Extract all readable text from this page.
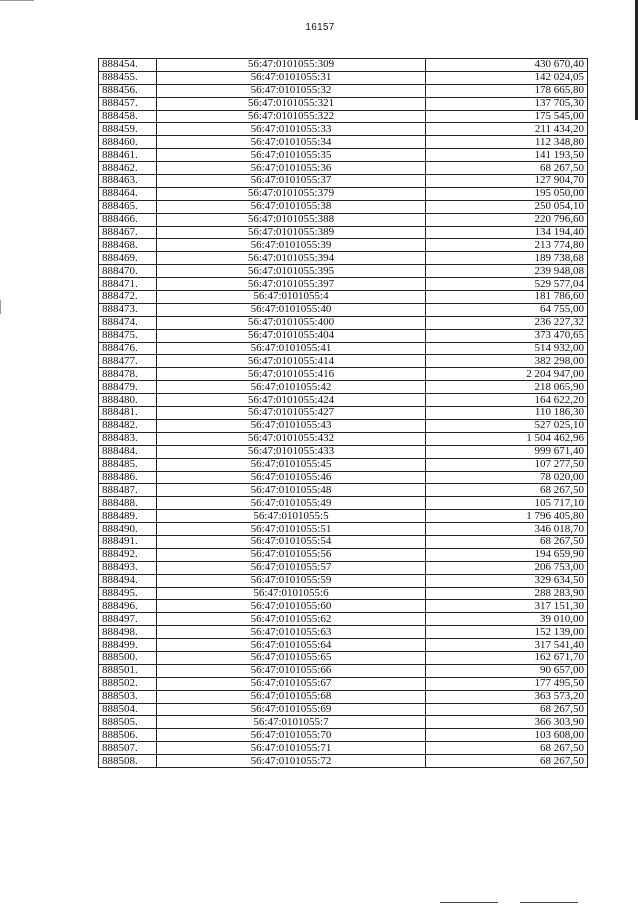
16157
888454.	56:47:0101055:309	430 670,40
888455.	56:47:0101055:31	142 024,05
888456.	56:47:0101055:32	178 665,80
888457.	56:47:0101055:321	137 705,30
888458.	56:47:0101055:322	175 545,00
888459.	56:47:0101055:33	211 434,20
888460.	56:47:0101055:34	112 348,80
888461.	56:47:0101055:35	141 193,50
888462.	56:47:0101055:36	68 267,50
888463.	56:47:0101055:37	127 904,70
888464.	56:47:0101055:379	195 050,00
888465.	56:47:0101055:38	250 054,10
888466.	56:47:0101055:388	220 796,60
888467.	56:47:0101055:389	134 194,40
888468.	56:47:0101055:39	213 774,80
888469.	56:47:0101055:394	189 738,68
888470.	56:47:0101055:395	239 948,08
888471.	56:47:0101055:397	529 577,04
888472.	56:47:0101055:4	181 786,60
888473.	56:47:0101055:40	64 755,00
888474.	56:47:0101055:400	236 227,32
888475.	56:47:0101055:404	373 470,65
888476.	56:47:0101055:41	514 932,00
888477.	56:47:0101055:414	382 298,00
888478.	56:47:0101055:416	2 204 947,00
888479.	56:47:0101055:42	218 065,90
888480.	56:47:0101055:424	164 622,20
888481.	56:47:0101055:427	110 186,30
888482.	56:47:0101055:43	527 025,10
888483.	56:47:0101055:432	1 504 462,96
888484.	56:47:0101055:433	999 671,40
888485.	56:47:0101055:45	107 277,50
888486.	56:47:0101055:46	78 020,00
888487.	56:47:0101055:48	68 267,50
888488.	56:47:0101055:49	105 717,10
888489.	56:47:0101055:5	1 796 405,80
888490.	56:47:0101055:51	346 018,70
888491.	56:47:0101055:54	68 267,50
888492.	56:47:0101055:56	194 659,90
888493.	56:47:0101055:57	206 753,00
888494.	56:47:0101055:59	329 634,50
888495.	56:47:0101055:6	288 283,90
888496.	56:47:0101055:60	317 151,30
888497.	56:47:0101055:62	39 010,00
888498.	56:47:0101055:63	152 139,00
888499.	56:47:0101055:64	317 541,40
888500.	56:47:0101055:65	162 671,70
888501.	56:47:0101055:66	90 657,00
888502.	56:47:0101055:67	177 495,50
888503.	56:47:0101055:68	363 573,20
888504.	56:47:0101055:69	68 267,50
888505.	56:47:0101055:7	366 303,90
888506.	56:47:0101055:70	103 608,00
888507.	56:47:0101055:71	68 267,50
888508.	56:47:0101055:72	68 267,50
